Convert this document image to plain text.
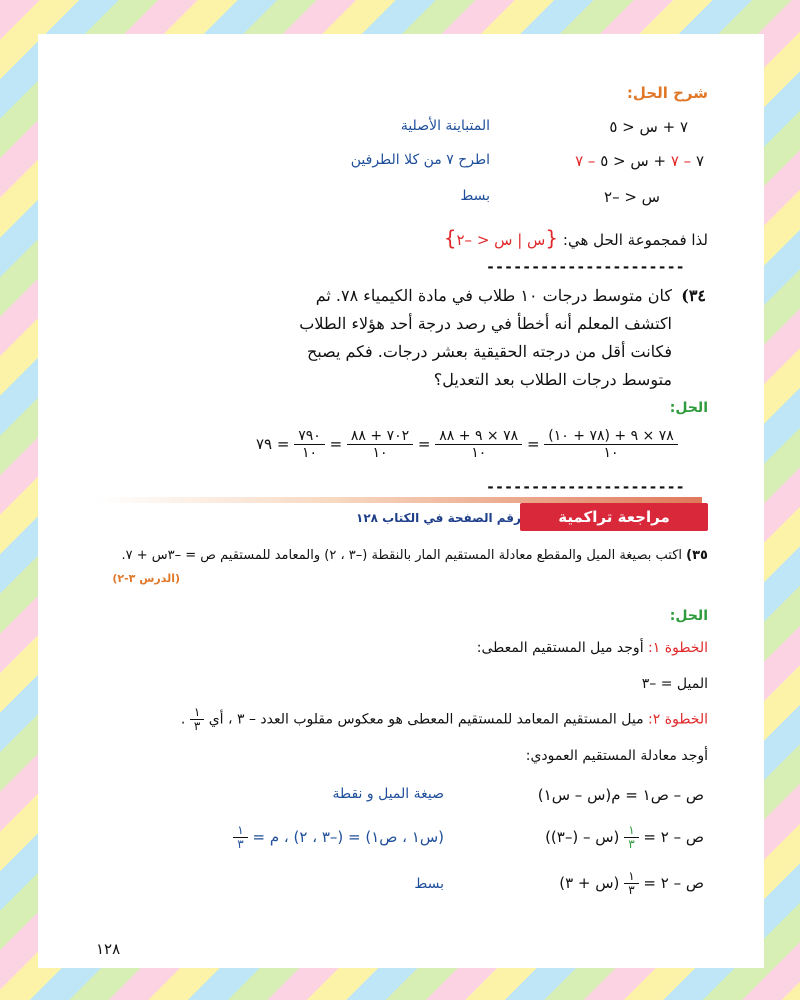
شرح الحل:
٧ + س < ٥
المتباينة الأصلية
٧ – ٧ + س < ٥ – ٧
اطرح ٧ من كلا الطرفين
س < –٢
بسط
لذا فمجموعة الحل هي: {س | س < –٢}
----------------------
٣٤)
كان متوسط درجات ١٠ طلاب في مادة الكيمياء ٧٨. ثم
اكتشف المعلم أنه أخطأ في رصد درجة أحد هؤلاء الطلاب
فكانت أقل من درجته الحقيقية بعشر درجات. فكم يصبح
متوسط درجات الطلاب بعد التعديل؟
الحل:
٧٩ = $\frac{٧٩٠}{١٠} = \frac{٧٠٢ + ٨٨}{١٠} = \frac{٧٨ \times ٩ + ٨٨}{١٠} = \frac{٧٨ \times ٩ + (٧٨ + ١٠)}{١٠}$
----------------------
مراجعة تراكمية
رقم الصفحة في الكتاب ١٢٨
٣٥)
اكتب بصيغة الميل والمقطع معادلة المستقيم المار بالنقطة (–٣ ، ٢) والمعامد للمستقيم ص = –٣س + ٧.
(الدرس ٣-٢)
الحل:
الخطوة ١: أوجد ميل المستقيم المعطى:
الميل = –٣
الخطوة ٢: ميل المستقيم المعامد للمستقيم المعطى هو معكوس مقلوب العدد – ٣ ، أي
$\frac{١}{٣}$
.
أوجد معادلة المستقيم العمودي:
ص – ص١ = م(س – س١)
صيغة الميل و نقطة
ص – ٢ =
$\frac{١}{٣}$
(س – (–٣))
(س١ ، ص١) = (–٣ ، ٢) ، م =
$\frac{١}{٣}$
ص – ٢ =
$\frac{١}{٣}$
(س + ٣)
بسط
١٢٨
